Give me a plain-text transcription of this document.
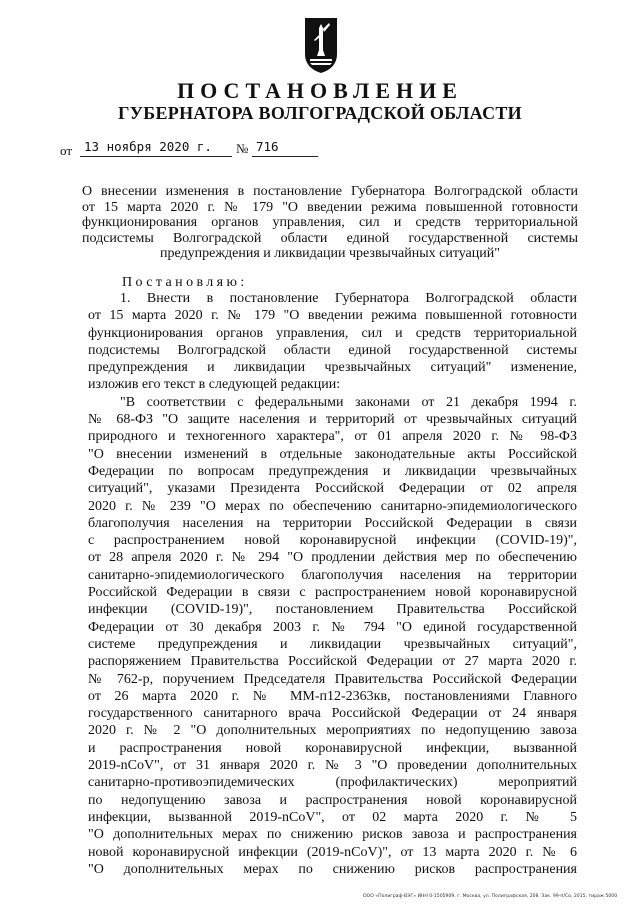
ПОСТАНОВЛЕНИЕ
ГУБЕРНАТОРА ВОЛГОГРАДСКОЙ ОБЛАСТИ
от 13 ноября 2020 г.	№ 716
О внесении изменения в постановление Губернатора Волгоградской области
от 15 марта 2020 г. № 179 "О введении режима повышенной готовности
функционирования органов управления, сил и средств территориальной
подсистемы Волгоградской области единой государственной системы
предупреждения и ликвидации чрезвычайных ситуаций"
Постановляю:
1. Внести в постановление Губернатора Волгоградской области
от 15 марта 2020 г. № 179 "О введении режима повышенной готовности
функционирования органов управления, сил и средств территориальной
подсистемы Волгоградской области единой государственной системы
предупреждения и ликвидации чрезвычайных ситуаций" изменение,
изложив его текст в следующей редакции:
"В соответствии с федеральными законами от 21 декабря 1994 г.
№ 68-ФЗ "О защите населения и территорий от чрезвычайных ситуаций
природного и техногенного характера", от 01 апреля 2020 г. № 98-ФЗ
"О внесении изменений в отдельные законодательные акты Российской
Федерации по вопросам предупреждения и ликвидации чрезвычайных
ситуаций", указами Президента Российской Федерации от 02 апреля
2020 г. № 239 "О мерах по обеспечению санитарно-эпидемиологического
благополучия населения на территории Российской Федерации в связи
с распространением новой коронавирусной инфекции (COVID-19)",
от 28 апреля 2020 г. № 294 "О продлении действия мер по обеспечению
санитарно-эпидемиологического благополучия населения на территории
Российской Федерации в связи с распространением новой коронавирусной
инфекции (COVID-19)", постановлением Правительства Российской
Федерации от 30 декабря 2003 г. № 794 "О единой государственной
системе предупреждения и ликвидации чрезвычайных ситуаций",
распоряжением Правительства Российской Федерации от 27 марта 2020 г.
№ 762-р, поручением Председателя Правительства Российской Федерации
от 26 марта 2020 г. № ММ-п12-2363кв, постановлениями Главного
государственного санитарного врача Российской Федерации от 24 января
2020 г. № 2 "О дополнительных мероприятиях по недопущению завоза
и распространения новой коронавирусной инфекции, вызванной
2019-nCoV", от 31 января 2020 г. № 3 "О проведении дополнительных
санитарно-противоэпидемических (профилактических) мероприятий
по недопущению завоза и распространения новой коронавирусной
инфекции, вызванной 2019-nCoV", от 02 марта 2020 г. № 5
"О дополнительных мерах по снижению рисков завоза и распространения
новой коронавирусной инфекции (2019-nCoV)", от 13 марта 2020 г. № 6
"О дополнительных мерах по снижению рисков распространения
ООО «Полиграф-ВЭГ» ИНН 0-1505909, г. Москва, ул. Полиграфская, 208. Зак. 99-п/Со, 2015, тираж 5000
